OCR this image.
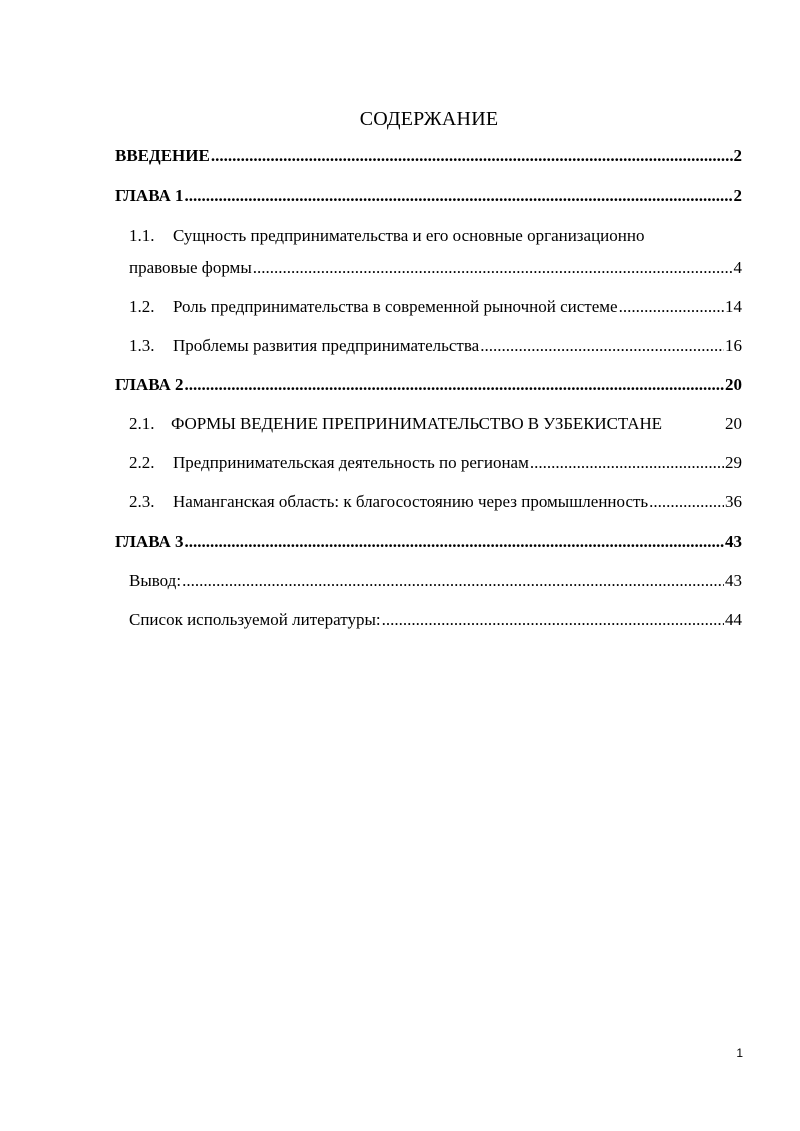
СОДЕРЖАНИЕ
ВВЕДЕНИЕ .....	2
ГЛАВА 1 .....	2
1.1. Сущность предпринимательства и его основные организационно
правовые формы .....	4
1.2. Роль предпринимательства в современной рыночной системе .....	14
1.3. Проблемы развития предпринимательства .....	16
ГЛАВА 2 .....	20
2.1. ФОРМЫ ВЕДЕНИЕ ПРЕПРИНИМАТЕЛЬСТВО В УЗБЕКИСТАНЕ	20
2.2. Предпринимательская деятельность по регионам .....	29
2.3. Наманганская область: к благосостоянию через промышленность .....	36
ГЛАВА 3 .....	43
Вывод: .....	43
Список используемой литературы: .....	44
1
